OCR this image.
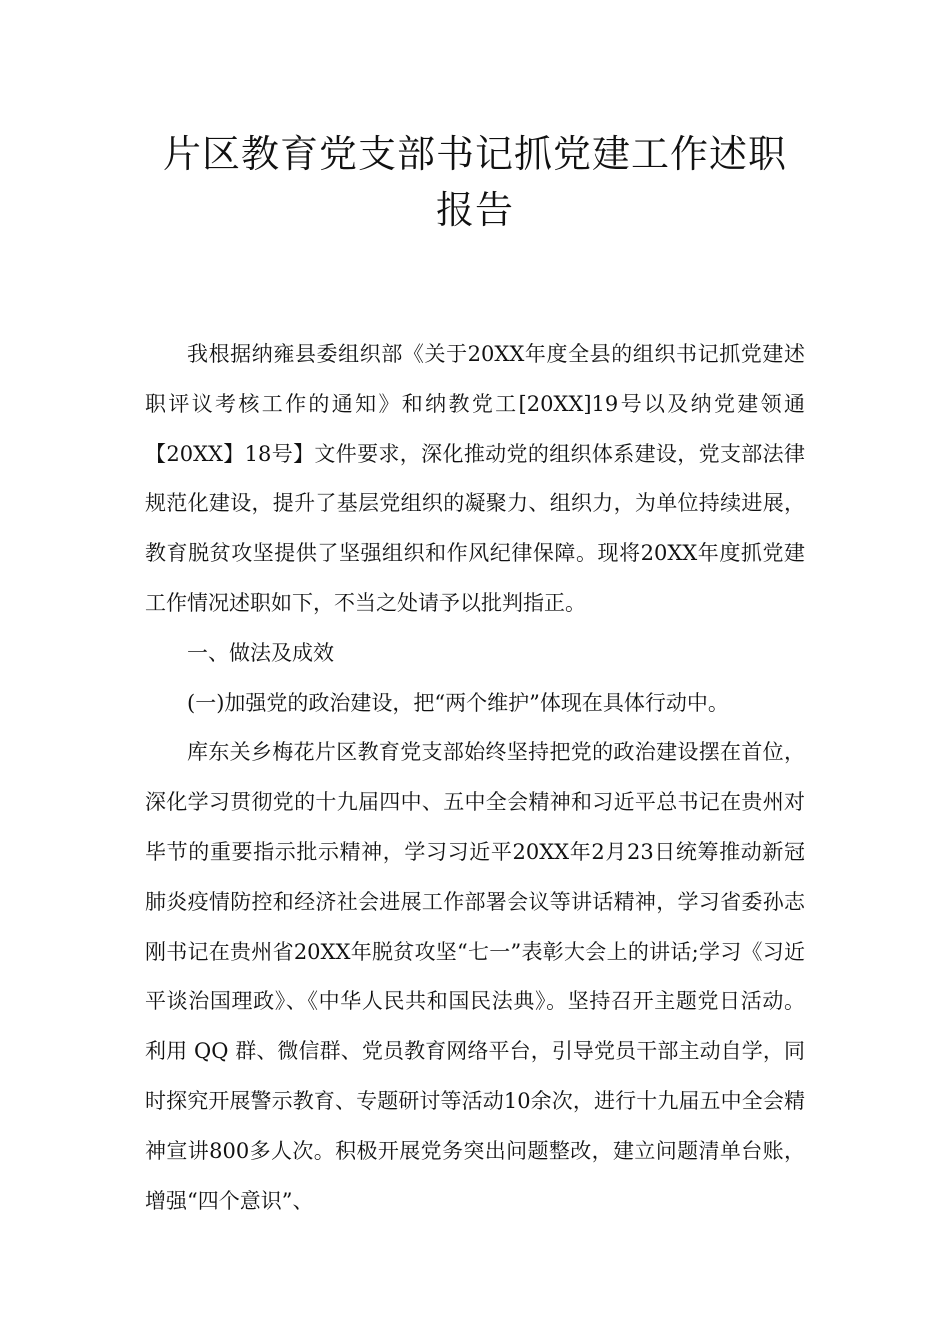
片区教育党支部书记抓党建工作述职报告

我根据纳雍县委组织部《关于20XX年度全县的组织书记抓党建述职评议考核工作的通知》和纳教党工[20XX]19号以及纳党建领通【20XX】18号】文件要求，深化推动党的组织体系建设，党支部法律规范化建设，提升了基层党组织的凝聚力、组织力，为单位持续进展，教育脱贫攻坚提供了坚强组织和作风纪律保障。现将20XX年度抓党建工作情况述职如下，不当之处请予以批判指正。

一、做法及成效

(一)加强党的政治建设，把“两个维护”体现在具体行动中。

库东关乡梅花片区教育党支部始终坚持把党的政治建设摆在首位，深化学习贯彻党的十九届四中、五中全会精神和习近平总书记在贵州对毕节的重要指示批示精神，学习习近平20XX年2月23日统筹推动新冠肺炎疫情防控和经济社会进展工作部署会议等讲话精神，学习省委孙志刚书记在贵州省20XX年脱贫攻坚“七一”表彰大会上的讲话;学习《习近平谈治国理政》、《中华人民共和国民法典》。坚持召开主题党日活动。利用 QQ 群、微信群、党员教育网络平台，引导党员干部主动自学，同时探究开展警示教育、专题研讨等活动10余次，进行十九届五中全会精神宣讲800多人次。积极开展党务突出问题整改，建立问题清单台账，增强“四个意识”、
